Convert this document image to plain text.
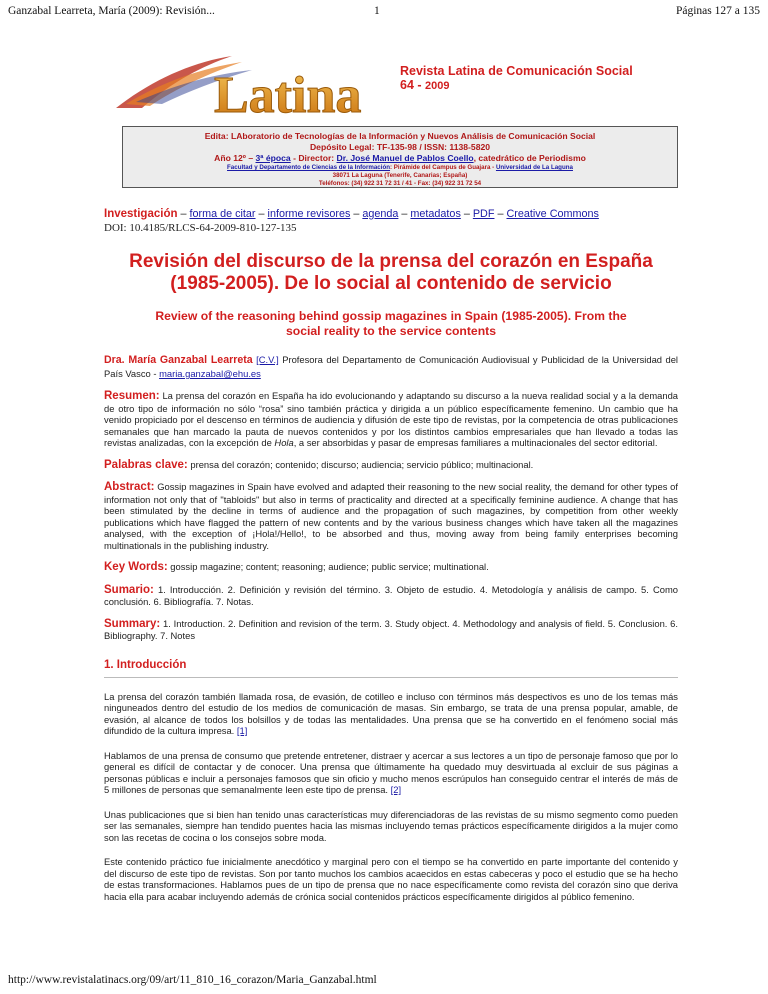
Ganzabal Learreta, María (2009): Revisión...	1	Páginas 127 a 135
Latina	Revista Latina de Comunicación Social
64 - 2009
Edita: LAboratorio de Tecnologías de la Información y Nuevos Análisis de Comunicación Social
Depósito Legal: TF-135-98 / ISSN: 1138-5820
Año 12º – 3ª época - Director: Dr. José Manuel de Pablos Coello, catedrático de Periodismo
Facultad y Departamento de Ciencias de la Información: Pirámide del Campus de Guajara - Universidad de La Laguna
38071 La Laguna (Tenerife, Canarias; España)
Teléfonos: (34) 922 31 72 31 / 41 - Fax: (34) 922 31 72 54
Investigación – forma de citar – informe revisores – agenda – metadatos – PDF – Creative Commons
DOI: 10.4185/RLCS-64-2009-810-127-135
Revisión del discurso de la prensa del corazón en España (1985-2005). De lo social al contenido de servicio
Review of the reasoning behind gossip magazines in Spain (1985-2005). From the social reality to the service contents
Dra. María Ganzabal Learreta [C.V.] Profesora del Departamento de Comunicación Audiovisual y Publicidad de la Universidad del País Vasco - maria.ganzabal@ehu.es
Resumen: La prensa del corazón en España ha ido evolucionando y adaptando su discurso a la nueva realidad social y a la demanda de otro tipo de información no sólo “rosa” sino también práctica y dirigida a un público específicamente femenino. Un cambio que ha venido propiciado por el descenso en términos de audiencia y difusión de este tipo de revistas, por la competencia de otras publicaciones semanales que han marcado la pauta de nuevos contenidos y por los distintos cambios empresariales que han llevado a todas las revistas analizadas, con la excepción de Hola, a ser absorbidas y pasar de empresas familiares a multinacionales del sector editorial.
Palabras clave: prensa del corazón; contenido; discurso; audiencia; servicio público; multinacional.
Abstract: Gossip magazines in Spain have evolved and adapted their reasoning to the new social reality, the demand for other types of information not only that of "tabloids" but also in terms of practicality and directed at a specifically feminine audience. A change that has been stimulated by the decline in terms of audience and the propagation of such magazines, by competition from other weekly publications which have flagged the pattern of new contents and by the various business changes which have taken all the magazines analysed, with the exception of ¡Hola!/Hello!, to be absorbed and thus, moving away from being family enterprises becoming multinationals in the publishing industry.
Key Words: gossip magazine; content; reasoning; audience; public service; multinational.
Sumario: 1. Introducción. 2. Definición y revisión del término. 3. Objeto de estudio. 4. Metodología y análisis de campo. 5. Como conclusión. 6. Bibliografía. 7. Notas.
Summary: 1. Introduction. 2. Definition and revision of the term. 3. Study object. 4. Methodology and analysis of field. 5. Conclusion. 6. Bibliography. 7. Notes
1. Introducción
La prensa del corazón también llamada rosa, de evasión, de cotilleo e incluso con términos más despectivos es uno de los temas más ninguneados dentro del estudio de los medios de comunicación de masas. Sin embargo, se trata de una prensa popular, amable, de evasión, al alcance de todos los bolsillos y de todas las mentalidades. Una prensa que se ha convertido en el fenómeno social más difundido de la cultura impresa. [1]
Hablamos de una prensa de consumo que pretende entretener, distraer y acercar a sus lectores a un tipo de personaje famoso que por lo general es difícil de contactar y de conocer. Una prensa que últimamente ha quedado muy desvirtuada al excluir de sus páginas a personas públicas e incluir a personajes famosos que sin oficio y mucho menos escrúpulos han conseguido centrar el interés de más de 5 millones de personas que semanalmente leen este tipo de prensa. [2]
Unas publicaciones que si bien han tenido unas características muy diferenciadoras de las revistas de su mismo segmento como pueden ser las semanales, siempre han tendido puentes hacia las mismas incluyendo temas prácticos específicamente dirigidos a la mujer como son las recetas de cocina o los consejos sobre moda.
Este contenido práctico fue inicialmente anecdótico y marginal pero con el tiempo se ha convertido en parte importante del contenido y del discurso de este tipo de revistas. Son por tanto muchos los cambios acaecidos en estas cabeceras y poco el estudio que se ha hecho de estas transformaciones. Hablamos pues de un tipo de prensa que no nace específicamente como revista del corazón sino que deriva hacia ella para acabar incluyendo además de crónica social contenidos prácticos específicamente dirigidos al público femenino.
http://www.revistalatinacs.org/09/art/11_810_16_corazon/Maria_Ganzabal.html
